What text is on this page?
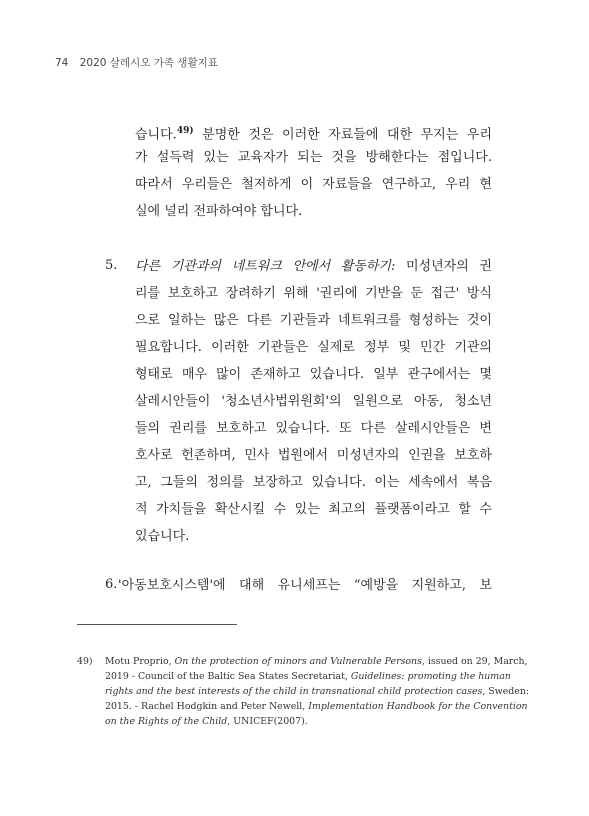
74 2020 살레시오 가족 생활지표
습니다.$^{49)}$ 분명한 것은 이러한 자료들에 대한 무지는 우리
가 설득력 있는 교육자가 되는 것을 방해한다는 점입니다.
따라서 우리들은 철저하게 이 자료들을 연구하고, 우리 현
실에 널리 전파하여야 합니다.
5. 다른 기관과의 네트워크 안에서 활동하기: 미성년자의 권
리를 보호하고 장려하기 위해 '권리에 기반을 둔 접근' 방식
으로 일하는 많은 다른 기관들과 네트워크를 형성하는 것이
필요합니다. 이러한 기관들은 실제로 정부 및 민간 기관의
형태로 매우 많이 존재하고 있습니다. 일부 관구에서는 몇
살레시안들이 '청소년사법위원회'의 일원으로 아동, 청소년
들의 권리를 보호하고 있습니다. 또 다른 살레시안들은 변
호사로 헌존하며, 민사 법원에서 미성년자의 인권을 보호하
고, 그들의 정의를 보장하고 있습니다. 이는 세속에서 복음
적 가치들을 확산시킬 수 있는 최고의 플랫폼이라고 할 수
있습니다.
6. '아동보호시스템'에 대해 유니세프는 “예방을 지원하고, 보
49) Motu Proprio, On the protection of minors and Vulnerable Persons, issued on 29, March,
2019 - Council of the Baltic Sea States Secretariat, Guidelines: promoting the human
rights and the best interests of the child in transnational child protection cases, Sweden:
2015. - Rachel Hodgkin and Peter Newell, Implementation Handbook for the Convention
on the Rights of the Child, UNICEF(2007).
